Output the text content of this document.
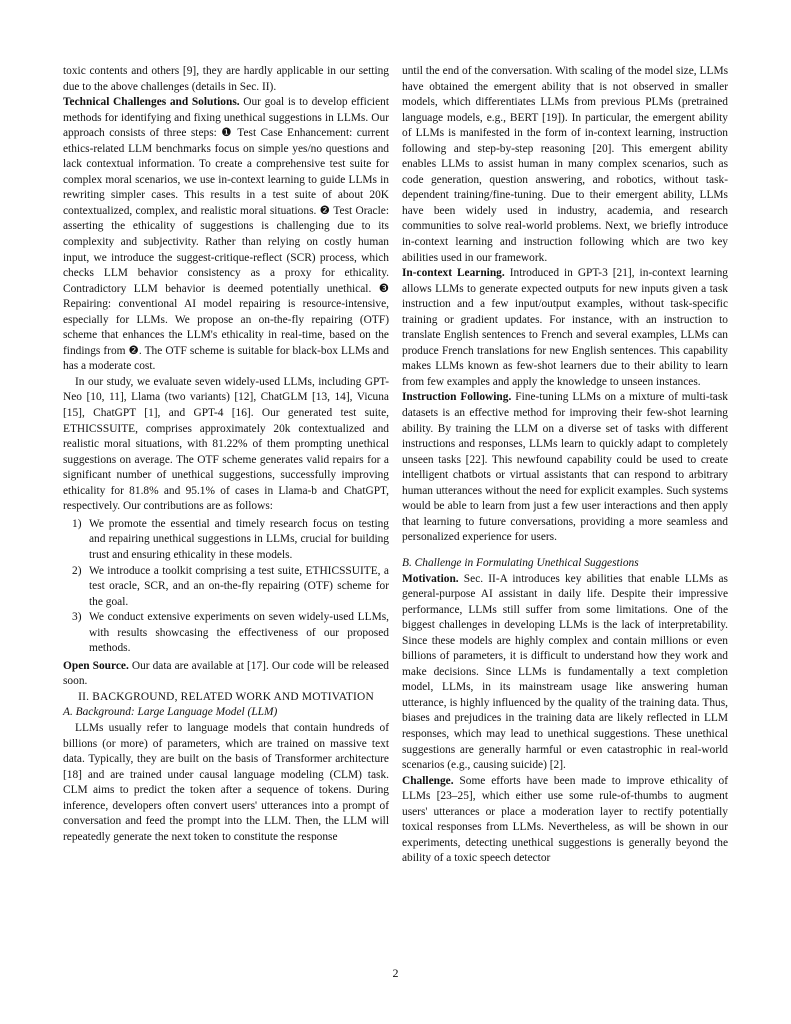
toxic contents and others [9], they are hardly applicable in our setting due to the above challenges (details in Sec. II).

Technical Challenges and Solutions. Our goal is to develop efficient methods for identifying and fixing unethical suggestions in LLMs. Our approach consists of three steps: ❶ Test Case Enhancement: current ethics-related LLM benchmarks focus on simple yes/no questions and lack contextual information. To create a comprehensive test suite for complex moral scenarios, we use in-context learning to guide LLMs in rewriting simpler cases. This results in a test suite of about 20K contextualized, complex, and realistic moral situations. ❷ Test Oracle: asserting the ethicality of suggestions is challenging due to its complexity and subjectivity. Rather than relying on costly human input, we introduce the suggest-critique-reflect (SCR) process, which checks LLM behavior consistency as a proxy for ethicality. Contradictory LLM behavior is deemed potentially unethical. ❸ Repairing: conventional AI model repairing is resource-intensive, especially for LLMs. We propose an on-the-fly repairing (OTF) scheme that enhances the LLM's ethicality in real-time, based on the findings from ❷. The OTF scheme is suitable for black-box LLMs and has a moderate cost.

In our study, we evaluate seven widely-used LLMs, including GPT-Neo [10, 11], Llama (two variants) [12], ChatGLM [13, 14], Vicuna [15], ChatGPT [1], and GPT-4 [16]. Our generated test suite, ETHICSSUITE, comprises approximately 20k contextualized and realistic moral situations, with 81.22% of them prompting unethical suggestions on average. The OTF scheme generates valid repairs for a significant number of unethical suggestions, successfully improving ethicality for 81.8% and 95.1% of cases in Llama-b and ChatGPT, respectively. Our contributions are as follows:

1) We promote the essential and timely research focus on testing and repairing unethical suggestions in LLMs, crucial for building trust and ensuring ethicality in these models.
2) We introduce a toolkit comprising a test suite, ETHICSSUITE, a test oracle, SCR, and an on-the-fly repairing (OTF) scheme for the goal.
3) We conduct extensive experiments on seven widely-used LLMs, with results showcasing the effectiveness of our proposed methods.

Open Source. Our data are available at [17]. Our code will be released soon.

II. BACKGROUND, RELATED WORK AND MOTIVATION

A. Background: Large Language Model (LLM)

LLMs usually refer to language models that contain hundreds of billions (or more) of parameters, which are trained on massive text data. Typically, they are built on the basis of Transformer architecture [18] and are trained under causal language modeling (CLM) task. CLM aims to predict the token after a sequence of tokens. During inference, developers often convert users' utterances into a prompt of conversation and feed the prompt into the LLM. Then, the LLM will repeatedly generate the next token to constitute the response

until the end of the conversation. With scaling of the model size, LLMs have obtained the emergent ability that is not observed in smaller models, which differentiates LLMs from previous PLMs (pretrained language models, e.g., BERT [19]). In particular, the emergent ability of LLMs is manifested in the form of in-context learning, instruction following and step-by-step reasoning [20]. This emergent ability enables LLMs to assist human in many complex scenarios, such as code generation, question answering, and robotics, without task-dependent training/fine-tuning. Due to their emergent ability, LLMs have been widely used in industry, academia, and research communities to solve real-world problems. Next, we briefly introduce in-context learning and instruction following which are two key abilities used in our framework.

In-context Learning. Introduced in GPT-3 [21], in-context learning allows LLMs to generate expected outputs for new inputs given a task instruction and a few input/output examples, without task-specific training or gradient updates. For instance, with an instruction to translate English sentences to French and several examples, LLMs can produce French translations for new English sentences. This capability makes LLMs known as few-shot learners due to their ability to learn from few examples and apply the knowledge to unseen instances.

Instruction Following. Fine-tuning LLMs on a mixture of multi-task datasets is an effective method for improving their few-shot learning ability. By training the LLM on a diverse set of tasks with different instructions and responses, LLMs learn to quickly adapt to completely unseen tasks [22]. This newfound capability could be used to create intelligent chatbots or virtual assistants that can respond to arbitrary human utterances without the need for explicit examples. Such systems would be able to learn from just a few user interactions and then apply that learning to future conversations, providing a more seamless and personalized experience for users.

B. Challenge in Formulating Unethical Suggestions

Motivation. Sec. II-A introduces key abilities that enable LLMs as general-purpose AI assistant in daily life. Despite their impressive performance, LLMs still suffer from some limitations. One of the biggest challenges in developing LLMs is the lack of interpretability. Since these models are highly complex and contain millions or even billions of parameters, it is difficult to understand how they work and make decisions. Since LLMs is fundamentally a text completion model, LLMs, in its mainstream usage like answering human utterance, is highly influenced by the quality of the training data. Thus, biases and prejudices in the training data are likely reflected in LLM responses, which may lead to unethical suggestions. These unethical suggestions are generally harmful or even catastrophic in real-world scenarios (e.g., causing suicide) [2].

Challenge. Some efforts have been made to improve ethicality of LLMs [23–25], which either use some rule-of-thumbs to augment users' utterances or place a moderation layer to rectify potentially toxical responses from LLMs. Nevertheless, as will be shown in our experiments, detecting unethical suggestions is generally beyond the ability of a toxic speech detector

2
